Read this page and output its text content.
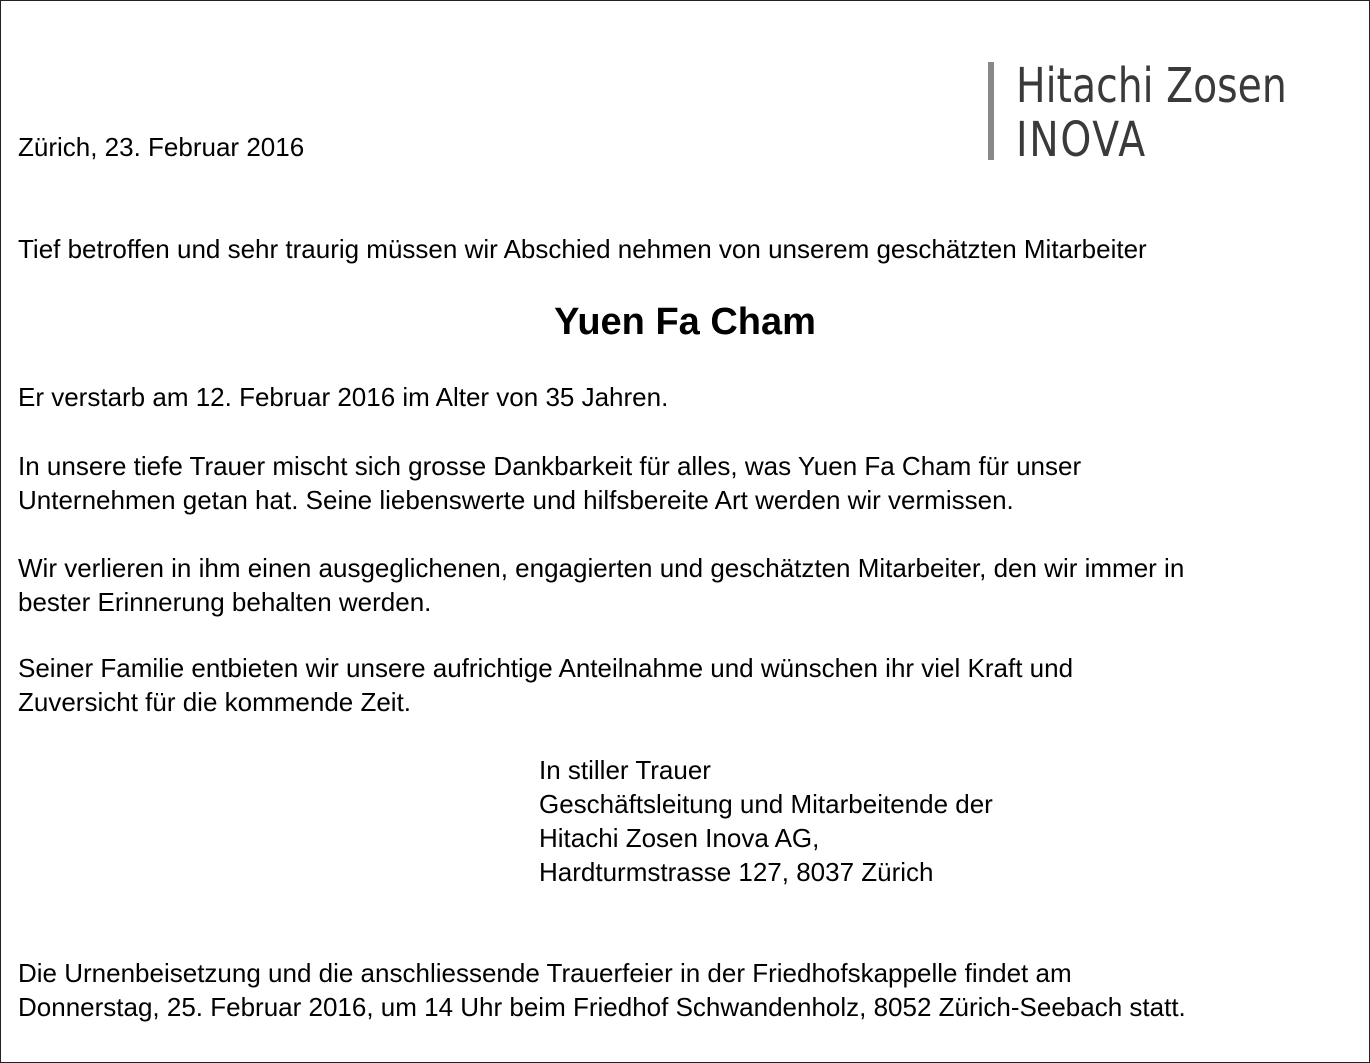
Hitachi Zosen
INOVA
Zürich, 23. Februar 2016
Tief betroffen und sehr traurig müssen wir Abschied nehmen von unserem geschätzten Mitarbeiter
Yuen Fa Cham
Er verstarb am 12. Februar 2016 im Alter von 35 Jahren.
In unsere tiefe Trauer mischt sich grosse Dankbarkeit für alles, was Yuen Fa Cham für unser
Unternehmen getan hat. Seine liebenswerte und hilfsbereite Art werden wir vermissen.
Wir verlieren in ihm einen ausgeglichenen, engagierten und geschätzten Mitarbeiter, den wir immer in
bester Erinnerung behalten werden.
Seiner Familie entbieten wir unsere aufrichtige Anteilnahme und wünschen ihr viel Kraft und
Zuversicht für die kommende Zeit.
In stiller Trauer
Geschäftsleitung und Mitarbeitende der
Hitachi Zosen Inova AG,
Hardturmstrasse 127, 8037 Zürich
Die Urnenbeisetzung und die anschliessende Trauerfeier in der Friedhofskappelle findet am
Donnerstag, 25. Februar 2016, um 14 Uhr beim Friedhof Schwandenholz, 8052 Zürich-Seebach statt.
